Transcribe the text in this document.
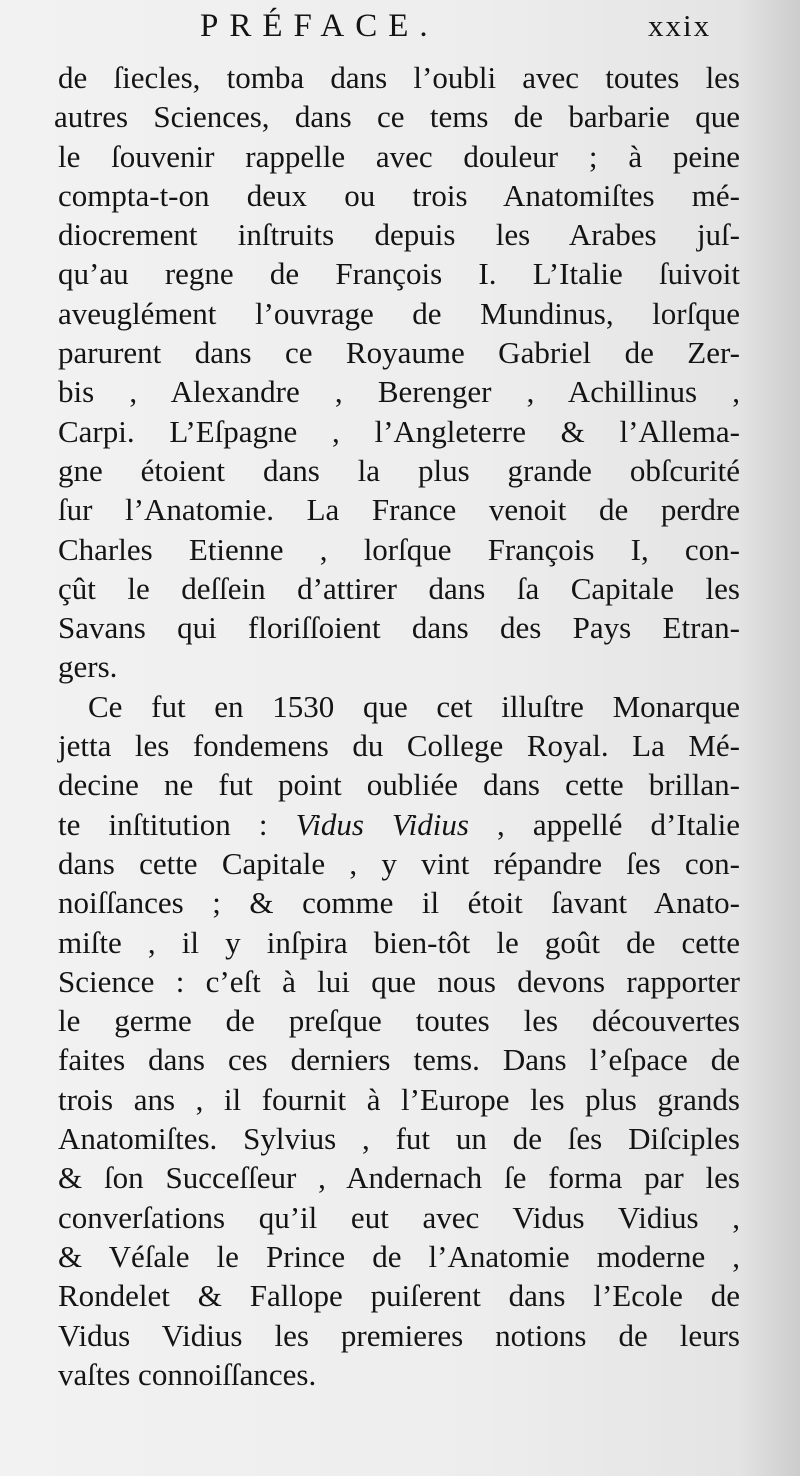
PRÉFACE.	xxix
de ſiecles, tomba dans l’oubli avec toutes les
autres Sciences, dans ce tems de barbarie que
le ſouvenir rappelle avec douleur ; à peine
compta-t-on deux ou trois Anatomiſtes mé-
diocrement inſtruits depuis les Arabes juſ-
qu’au regne de François I. L’Italie ſuivoit
aveuglément l’ouvrage de Mundinus, lorſque
parurent dans ce Royaume Gabriel de Zer-
bis , Alexandre , Berenger , Achillinus ,
Carpi. L’Eſpagne , l’Angleterre & l’Allema-
gne étoient dans la plus grande obſcurité
ſur l’Anatomie. La France venoit de perdre
Charles Etienne , lorſque François I, con-
çût le deſſein d’attirer dans ſa Capitale les
Savans qui floriſſoient dans des Pays Etran-
gers.
Ce fut en 1530 que cet illuſtre Monarque
jetta les fondemens du College Royal. La Mé-
decine ne fut point oubliée dans cette brillan-
te inſtitution : Vidus Vidius , appellé d’Italie
dans cette Capitale , y vint répandre ſes con-
noiſſances ; & comme il étoit ſavant Anato-
miſte , il y inſpira bien-tôt le goût de cette
Science : c’eſt à lui que nous devons rapporter
le germe de preſque toutes les découvertes
faites dans ces derniers tems. Dans l’eſpace de
trois ans , il fournit à l’Europe les plus grands
Anatomiſtes. Sylvius , fut un de ſes Diſciples
& ſon Succeſſeur , Andernach ſe forma par les
converſations qu’il eut avec Vidus Vidius ,
& Véſale le Prince de l’Anatomie moderne ,
Rondelet & Fallope puiſerent dans l’Ecole de
Vidus Vidius les premieres notions de leurs
vaſtes connoiſſances.
